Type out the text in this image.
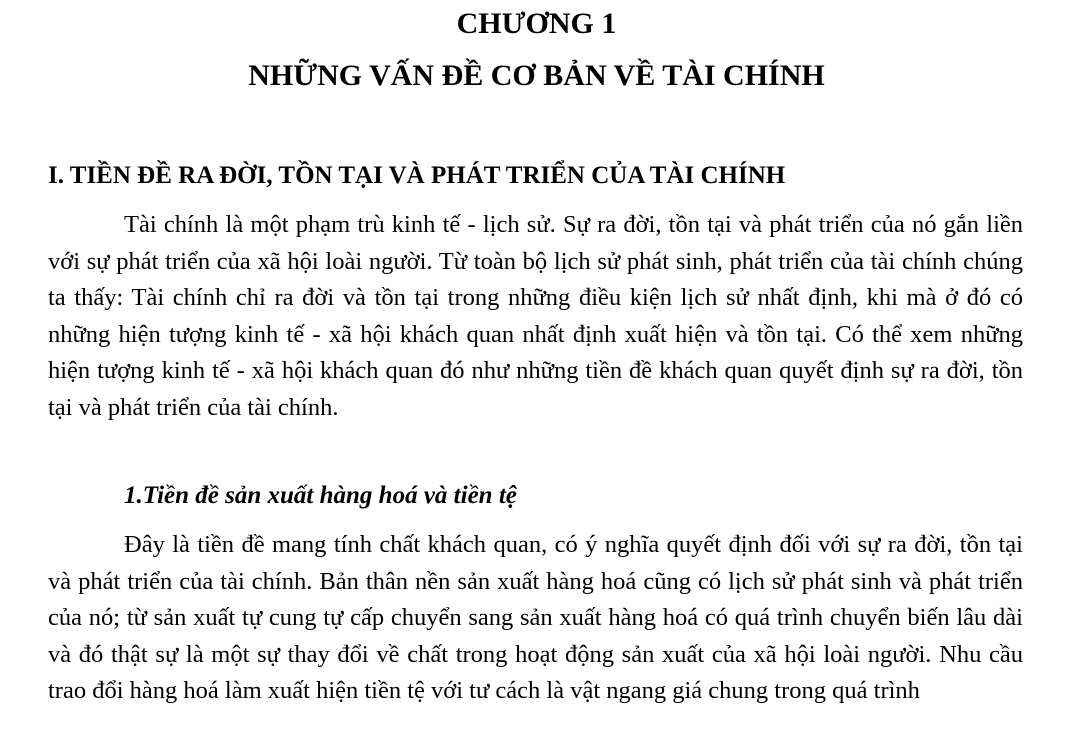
CHƯƠNG 1
NHỮNG VẤN ĐỀ CƠ BẢN VỀ TÀI CHÍNH
I. TIỀN ĐỀ RA ĐỜI, TỒN TẠI VÀ PHÁT TRIỂN CỦA TÀI CHÍNH

Tài chính là một phạm trù kinh tế - lịch sử. Sự ra đời, tồn tại và phát triển của nó gắn liền với sự phát triển của xã hội loài người. Từ toàn bộ lịch sử phát sinh, phát triển của tài chính chúng ta thấy: Tài chính chỉ ra đời và tồn tại trong những điều kiện lịch sử nhất định, khi mà ở đó có những hiện tượng kinh tế - xã hội khách quan nhất định xuất hiện và tồn tại. Có thể xem những hiện tượng kinh tế - xã hội khách quan đó như những tiền đề khách quan quyết định sự ra đời, tồn tại và phát triển của tài chính.

1.Tiền đề sản xuất hàng hoá và tiền tệ

Đây là tiền đề mang tính chất khách quan, có ý nghĩa quyết định đối với sự ra đời, tồn tại và phát triển của tài chính. Bản thân nền sản xuất hàng hoá cũng có lịch sử phát sinh và phát triển của nó; từ sản xuất tự cung tự cấp chuyển sang sản xuất hàng hoá có quá trình chuyển biến lâu dài và đó thật sự là một sự thay đổi về chất trong hoạt động sản xuất của xã hội loài người. Nhu cầu trao đổi hàng hoá làm xuất hiện tiền tệ với tư cách là vật ngang giá chung trong quá trình
